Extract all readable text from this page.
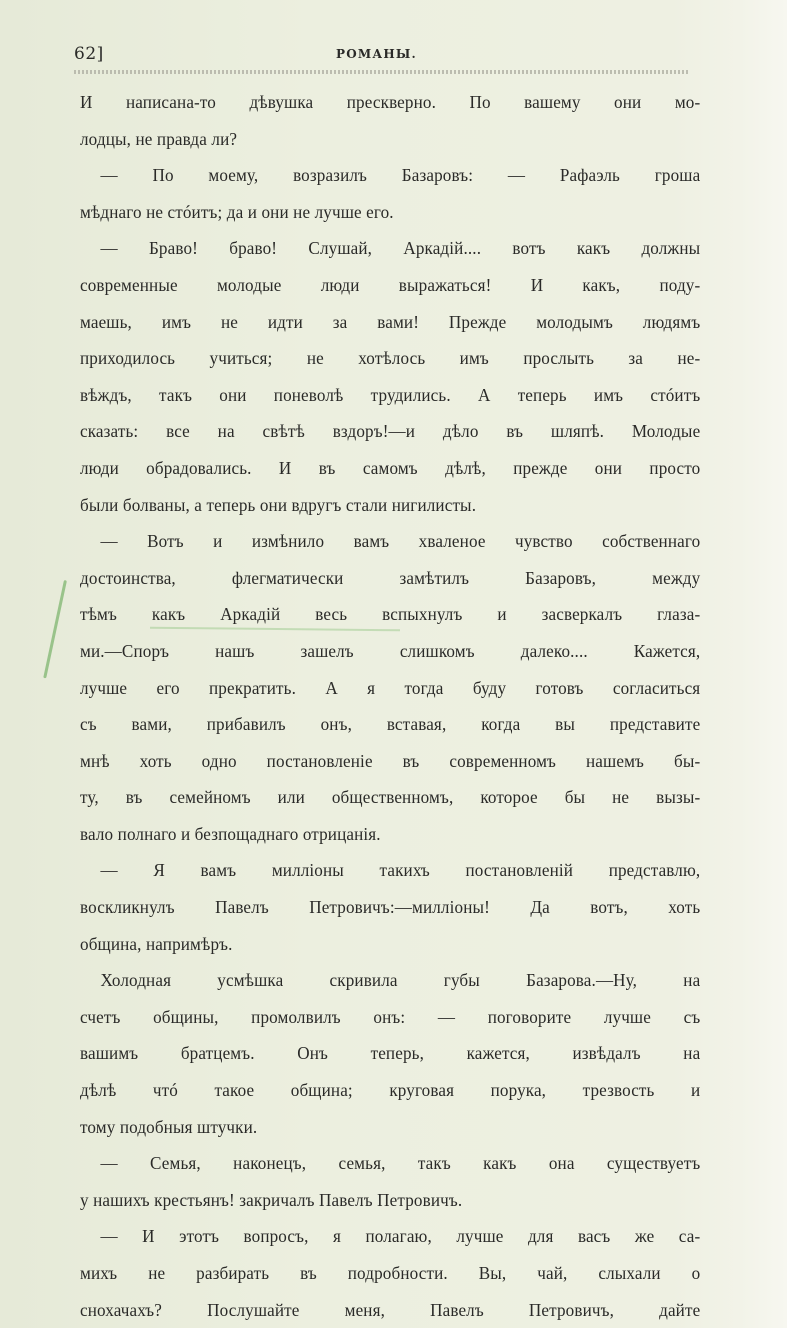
62]	РОМАНЫ.
И написана-то дѣвушка прескверно. По вашему они мо-
лодцы, не правда ли?
— По моему, возразилъ Базаровъ: — Рафаэль гроша
мѣднаго не стóитъ; да и они не лучше его.
— Браво! браво! Слушай, Аркадій.... вотъ какъ должны
современные молодые люди выражаться! И какъ, поду-
маешь, имъ не идти за вами! Прежде молодымъ людямъ
приходилось учиться; не хотѣлось имъ прослыть за не-
вѣждъ, такъ они поневолѣ трудились. А теперь имъ стóитъ
сказать: все на свѣтѣ вздоръ!—и дѣло въ шляпѣ. Молодые
люди обрадовались. И въ самомъ дѣлѣ, прежде они просто
были болваны, а теперь они вдругъ стали нигилисты.
— Вотъ и измѣнило вамъ хваленое чувство собственнаго
достоинства, флегматически замѣтилъ Базаровъ, между
тѣмъ какъ Аркадій весь вспыхнулъ и засверкалъ глаза-
ми.—Споръ нашъ зашелъ слишкомъ далеко.... Кажется,
лучше его прекратить. А я тогда буду готовъ согласиться
съ вами, прибавилъ онъ, вставая, когда вы представите
мнѣ хоть одно постановленіе въ современномъ нашемъ бы-
ту, въ семейномъ или общественномъ, которое бы не вызы-
вало полнаго и безпощаднаго отрицанія.
— Я вамъ милліоны такихъ постановленій представлю,
воскликнулъ Павелъ Петровичъ:—милліоны! Да вотъ, хоть
община, напримѣръ.
Холодная усмѣшка скривила губы Базарова.—Ну, на
счетъ общины, промолвилъ онъ: — поговорите лучше съ
вашимъ братцемъ. Онъ теперь, кажется, извѣдалъ на
дѣлѣ чтó такое община; круговая порука, трезвость и
тому подобныя штучки.
— Семья, наконецъ, семья, такъ какъ она существуетъ
у нашихъ крестьянъ! закричалъ Павелъ Петровичъ.
— И этотъ вопросъ, я полагаю, лучше для васъ же са-
михъ не разбирать въ подробности. Вы, чай, слыхали о
снохачахъ? Послушайте меня, Павелъ Петровичъ, дайте
